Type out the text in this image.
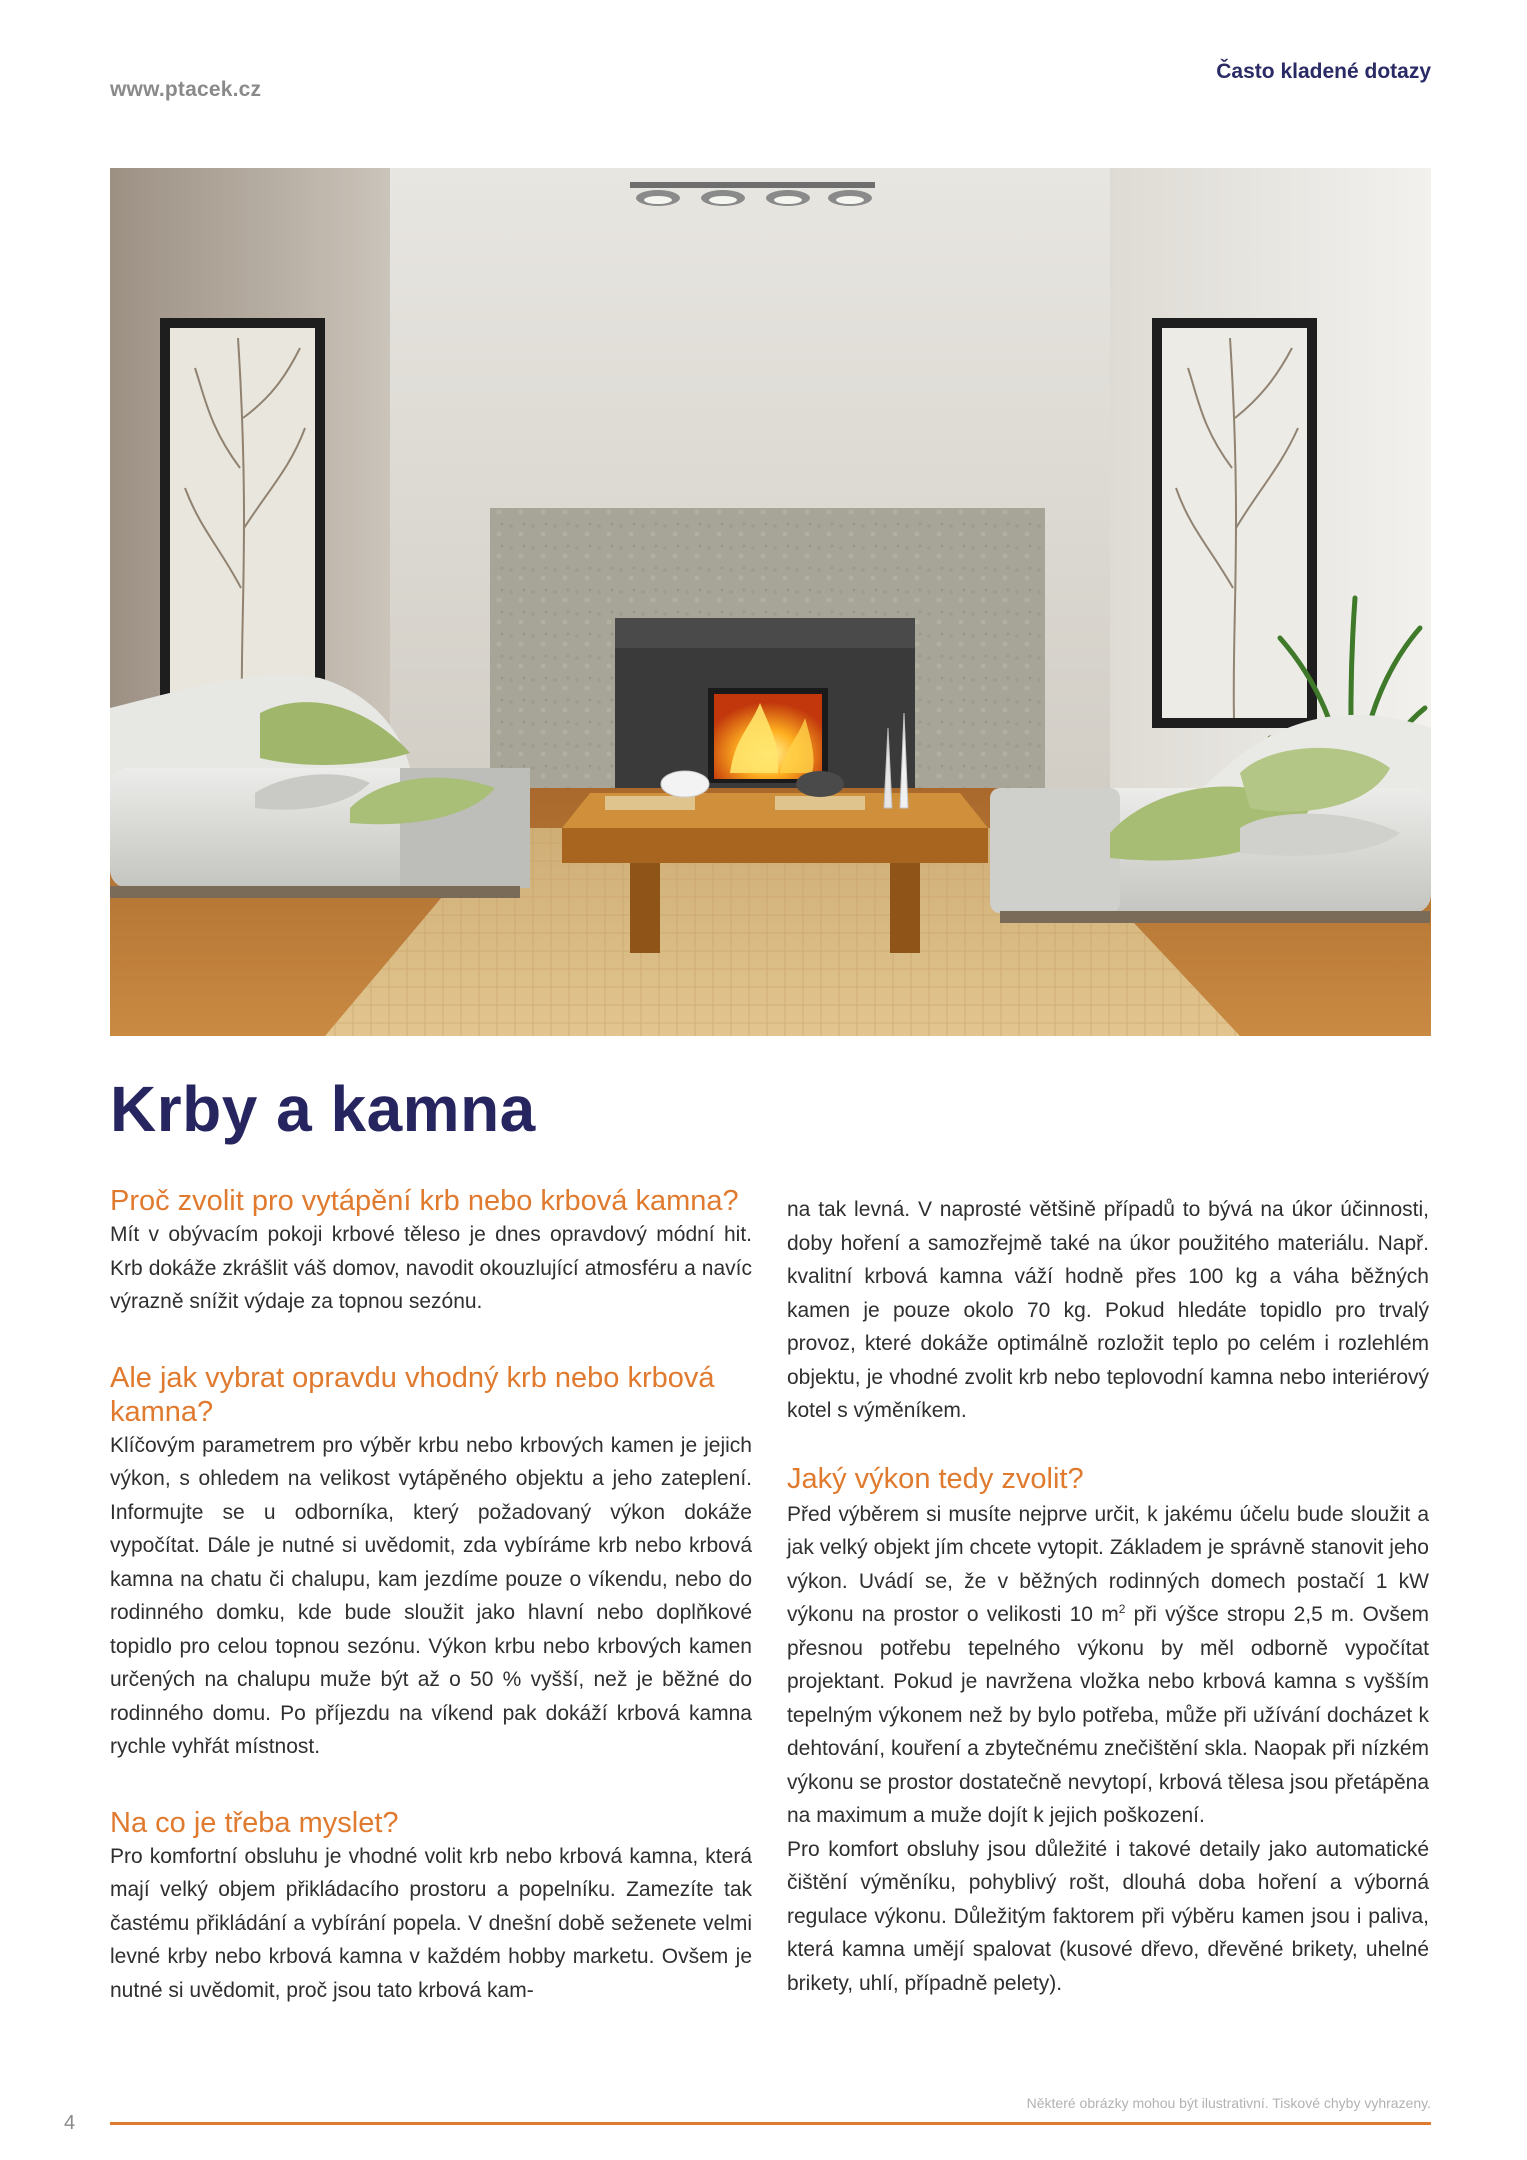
www.ptacek.cz
Často kladené dotazy
Krby a kamna
Proč zvolit pro vytápění krb nebo krbová kamna?

Mít v obývacím pokoji krbové těleso je dnes opravdový módní hit. Krb dokáže zkrášlit váš domov, navodit okouzlující atmosféru a navíc výrazně snížit výdaje za topnou sezónu.

Ale jak vybrat opravdu vhodný krb nebo krbová kamna?

Klíčovým parametrem pro výběr krbu nebo krbových kamen je jejich výkon, s ohledem na velikost vytápěného objektu a jeho zateplení. Informujte se u odborníka, který požadovaný výkon dokáže vypočítat. Dále je nutné si uvědomit, zda vybíráme krb nebo krbová kamna na chatu či chalupu, kam jezdíme pouze o víkendu, nebo do rodinného domku, kde bude sloužit jako hlavní nebo doplňkové topidlo pro celou topnou sezónu. Výkon krbu nebo krbových kamen určených na chalupu muže být až o 50 % vyšší, než je běžné do rodinného domu. Po příjezdu na víkend pak dokáží krbová kamna rychle vyhřát místnost.

Na co je třeba myslet?

Pro komfortní obsluhu je vhodné volit krb nebo krbová kamna, která mají velký objem přikládacího prostoru a popelníku. Zamezíte tak častému přikládání a vybírání popela. V dnešní době seženete velmi levné krby nebo krbová kamna v každém hobby marketu. Ovšem je nutné si uvědomit, proč jsou tato krbová kam-

na tak levná. V naprosté většině případů to bývá na úkor účinnosti, doby hoření a samozřejmě také na úkor použitého materiálu. Např. kvalitní krbová kamna váží hodně přes 100 kg a váha běžných kamen je pouze okolo 70 kg. Pokud hledáte topidlo pro trvalý provoz, které dokáže optimálně rozložit teplo po celém i rozlehlém objektu, je vhodné zvolit krb nebo teplovodní kamna nebo interiérový kotel s výměníkem.

Jaký výkon tedy zvolit?

Před výběrem si musíte nejprve určit, k jakému účelu bude sloužit a jak velký objekt jím chcete vytopit. Základem je správně stanovit jeho výkon. Uvádí se, že v běžných rodinných domech postačí 1 kW výkonu na prostor o velikosti 10 $m^2$ při výšce stropu 2,5 m. Ovšem přesnou potřebu tepelného výkonu by měl odborně vypočítat projektant. Pokud je navržena vložka nebo krbová kamna s vyšším tepelným výkonem než by bylo potřeba, může při užívání docházet k dehtování, kouření a zbytečnému znečištění skla. Naopak při nízkém výkonu se prostor dostatečně nevytopí, krbová tělesa jsou přetápěna na maximum a muže dojít k jejich poškození.

Pro komfort obsluhy jsou důležité i takové detaily jako automatické čištění výměníku, pohyblivý rošt, dlouhá doba hoření a výborná regulace výkonu. Důležitým faktorem při výběru kamen jsou i paliva, která kamna umějí spalovat (kusové dřevo, dřevěné brikety, uhelné brikety, uhlí, případně pelety).

4
Některé obrázky mohou být ilustrativní. Tiskové chyby vyhrazeny.
